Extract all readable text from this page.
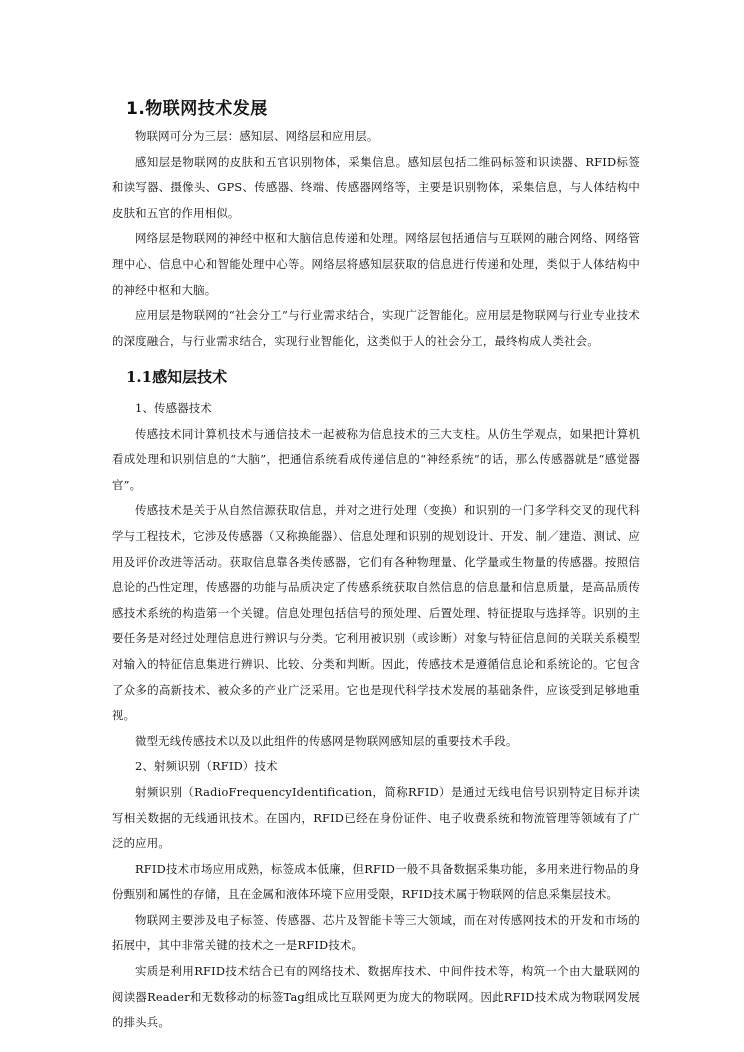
1.物联网技术发展

物联网可分为三层：感知层、网络层和应用层。

感知层是物联网的皮肤和五官识别物体，采集信息。感知层包括二维码标签和识读器、RFID标签和读写器、摄像头、GPS、传感器、终端、传感器网络等，主要是识别物体，采集信息，与人体结构中皮肤和五官的作用相似。

网络层是物联网的神经中枢和大脑信息传递和处理。网络层包括通信与互联网的融合网络、网络管理中心、信息中心和智能处理中心等。网络层将感知层获取的信息进行传递和处理，类似于人体结构中的神经中枢和大脑。

应用层是物联网的“社会分工”与行业需求结合，实现广泛智能化。应用层是物联网与行业专业技术的深度融合，与行业需求结合，实现行业智能化，这类似于人的社会分工，最终构成人类社会。

1.1感知层技术

1、传感器技术

传感技术同计算机技术与通信技术一起被称为信息技术的三大支柱。从仿生学观点，如果把计算机看成处理和识别信息的“大脑”，把通信系统看成传递信息的“神经系统”的话，那么传感器就是“感觉器官”。

传感技术是关于从自然信源获取信息，并对之进行处理（变换）和识别的一门多学科交叉的现代科学与工程技术，它涉及传感器（又称换能器）、信息处理和识别的规划设计、开发、制／建造、测试、应用及评价改进等活动。获取信息靠各类传感器，它们有各种物理量、化学量或生物量的传感器。按照信息论的凸性定理，传感器的功能与品质决定了传感系统获取自然信息的信息量和信息质量，是高品质传感技术系统的构造第一个关键。信息处理包括信号的预处理、后置处理、特征提取与选择等。识别的主要任务是对经过处理信息进行辨识与分类。它利用被识别（或诊断）对象与特征信息间的关联关系模型对输入的特征信息集进行辨识、比较、分类和判断。因此，传感技术是遵循信息论和系统论的。它包含了众多的高新技术、被众多的产业广泛采用。它也是现代科学技术发展的基础条件，应该受到足够地重视。

微型无线传感技术以及以此组件的传感网是物联网感知层的重要技术手段。

2、射频识别（RFID）技术

射频识别（RadioFrequencyIdentification，简称RFID）是通过无线电信号识别特定目标并读写相关数据的无线通讯技术。在国内，RFID已经在身份证件、电子收费系统和物流管理等领域有了广泛的应用。

RFID技术市场应用成熟，标签成本低廉，但RFID一般不具备数据采集功能，多用来进行物品的身份甄别和属性的存储，且在金属和液体环境下应用受限，RFID技术属于物联网的信息采集层技术。

物联网主要涉及电子标签、传感器、芯片及智能卡等三大领域，而在对传感网技术的开发和市场的拓展中，其中非常关键的技术之一是RFID技术。

实质是利用RFID技术结合已有的网络技术、数据库技术、中间件技术等，构筑一个由大量联网的阅读器Reader和无数移动的标签Tag组成比互联网更为庞大的物联网。因此RFID技术成为物联网发展的排头兵。
